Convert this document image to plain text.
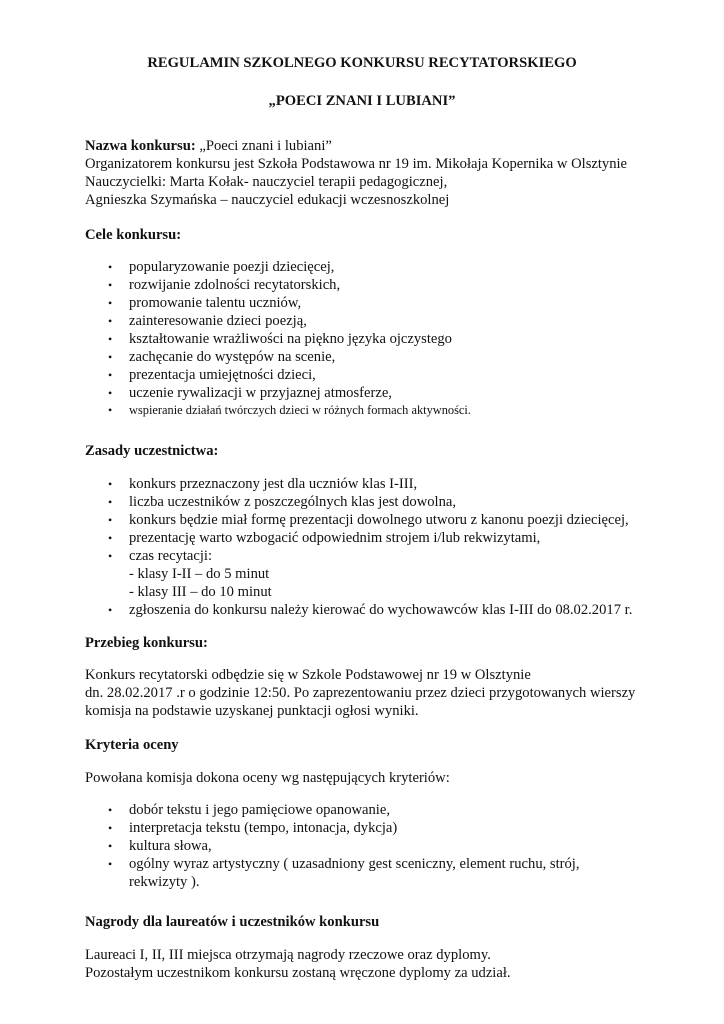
REGULAMIN SZKOLNEGO KONKURSU RECYTATORSKIEGO
„POECI ZNANI I LUBIANI”
Nazwa konkursu: „Poeci znani i lubiani”
Organizatorem konkursu jest Szkoła Podstawowa nr 19 im. Mikołaja Kopernika w Olsztynie
Nauczycielki: Marta Kołak- nauczyciel terapii pedagogicznej,
Agnieszka Szymańska – nauczyciel edukacji wczesnoszkolnej
Cele konkursu:
• popularyzowanie poezji dziecięcej,
• rozwijanie zdolności recytatorskich,
• promowanie talentu uczniów,
• zainteresowanie dzieci poezją,
• kształtowanie wrażliwości na piękno języka ojczystego
• zachęcanie do występów na scenie,
• prezentacja umiejętności dzieci,
• uczenie rywalizacji w przyjaznej atmosferze,
• wspieranie działań twórczych dzieci w różnych formach aktywności.
Zasady uczestnictwa:
• konkurs przeznaczony jest dla uczniów klas I-III,
• liczba uczestników z poszczególnych klas jest dowolna,
• konkurs będzie miał formę prezentacji dowolnego utworu z kanonu poezji dziecięcej,
• prezentację warto wzbogacić odpowiednim strojem i/lub rekwizytami,
• czas recytacji:
- klasy I-II – do 5 minut
- klasy III – do 10 minut
• zgłoszenia do konkursu należy kierować do wychowawców klas I-III do 08.02.2017 r.
Przebieg konkursu:
Konkurs recytatorski odbędzie się w Szkole Podstawowej nr 19 w Olsztynie
dn. 28.02.2017 .r o godzinie 12:50. Po zaprezentowaniu przez dzieci przygotowanych wierszy
komisja na podstawie uzyskanej punktacji ogłosi wyniki.
Kryteria oceny
Powołana komisja dokona oceny wg następujących kryteriów:
• dobór tekstu i jego pamięciowe opanowanie,
• interpretacja tekstu (tempo, intonacja, dykcja)
• kultura słowa,
• ogólny wyraz artystyczny ( uzasadniony gest sceniczny, element ruchu, strój,
rekwizyty ).
Nagrody dla laureatów i uczestników konkursu
Laureaci I, II, III miejsca otrzymają nagrody rzeczowe oraz dyplomy.
Pozostałym uczestnikom konkursu zostaną wręczone dyplomy za udział.
